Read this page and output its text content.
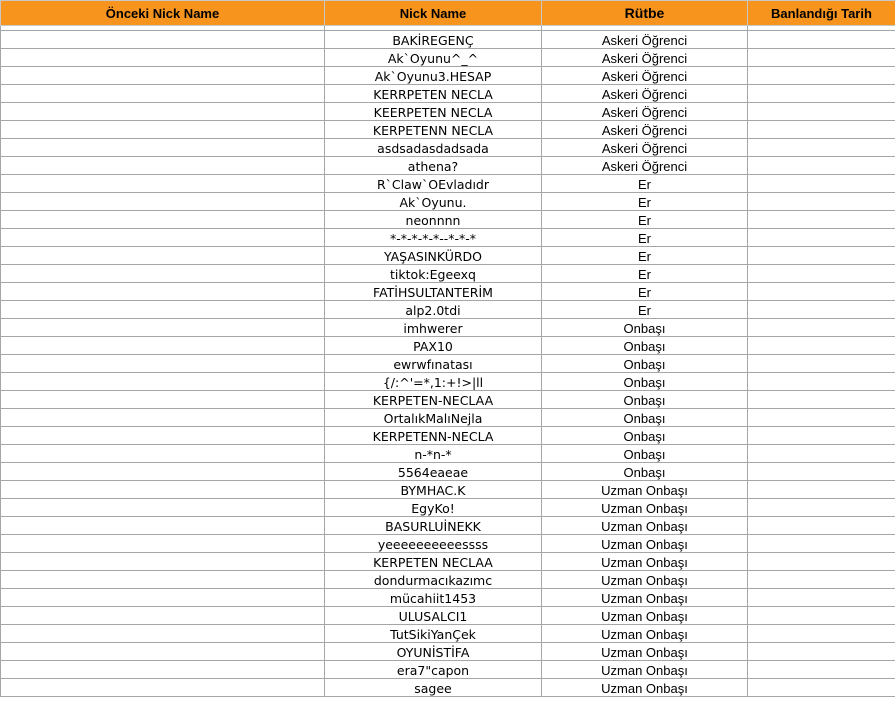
Önceki Nick Name	Nick Name	Rütbe	Banlandığı Tarih

	BAKİREGENÇ	Askeri Öğrenci	
	Ak`Oyunu^_^	Askeri Öğrenci	
	Ak`Oyunu3.HESAP	Askeri Öğrenci	
	KERRPETEN NECLA	Askeri Öğrenci	
	KEERPETEN NECLA	Askeri Öğrenci	
	KERPETENN NECLA	Askeri Öğrenci	
	asdsadasdadsada	Askeri Öğrenci	
	athena?	Askeri Öğrenci	
	R`Claw`OEvladıdr	Er	
	Ak`Oyunu.	Er	
	neonnnn	Er	
	*-*-*-*-*--*-*-*	Er	
	YAŞASINKÜRDO	Er	
	tiktok:Egeexq	Er	
	FATİHSULTANTERİM	Er	
	alp2.0tdi	Er	
	imhwerer	Onbaşı	
	PAX10	Onbaşı	
	ewrwfınatası	Onbaşı	
	{/:^'=*,1:+!>|ll	Onbaşı	
	KERPETEN-NECLAA	Onbaşı	
	OrtalıkMalıNejla	Onbaşı	
	KERPETENN-NECLA	Onbaşı	
	n-*n-*	Onbaşı	
	5564eaeae	Onbaşı	
	BYMHAC.K	Uzman Onbaşı	
	EgyKo!	Uzman Onbaşı	
	BASURLUİNEKK	Uzman Onbaşı	
	yeeeeeeeeeessss	Uzman Onbaşı	
	KERPETEN NECLAA	Uzman Onbaşı	
	dondurmacıkazımc	Uzman Onbaşı	
	mücahiit1453	Uzman Onbaşı	
	ULUSALCI1	Uzman Onbaşı	
	TutSikiYanÇek	Uzman Onbaşı	
	OYUNİSTİFA	Uzman Onbaşı	
	era7"capon	Uzman Onbaşı	
	sagee	Uzman Onbaşı	
